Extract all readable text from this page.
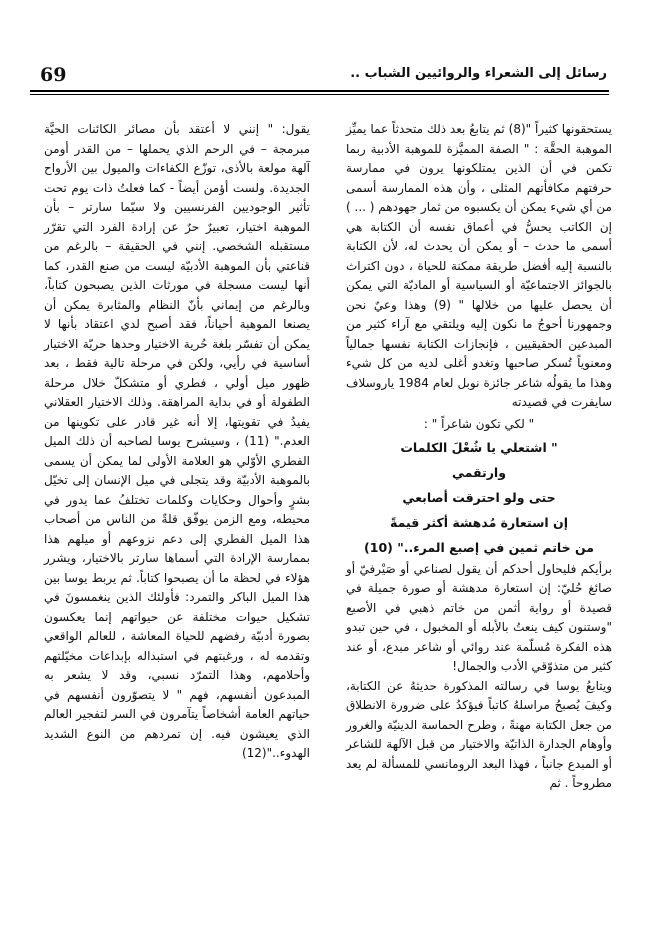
69	رسائل إلى الشعراء والروائيين الشباب ..

يستحقونها كثيراً "(8) ثم يتابعُ بعد ذلك متحدثاً عما يميِّز الموهبة الحقَّة : " الصفة المميَّزة للموهبة الأدبية ربما تكمن في أن الذين يمتلكونها يرون في ممارسة حرفتهم مكافأتهم المثلى ، وأن هذه الممارسة أسمى من أي شيء يمكن أن يكسبوه من ثمار جهودهم ( ... ) إن الكاتب يحسُّ في أعماق نفسه أن الكتابة هي أسمى ما حدث – أو يمكن أن يحدث له، لأن الكتابة بالنسبة إليه أفضل طريقة ممكنة للحياة ، دون اكتراث بالجوائز الاجتماعيّة أو السياسية أو الماديّة التي يمكن أن يحصل عليها من خلالها " (9) وهذا وعيٌ نحن وجمهورنا أحوجُ ما نكون إليه ويلتقي مع آراء كثير من المبدعين الحقيقيين ، فإنجازات الكتابة نفسها جمالياً ومعنوياً تُسكر صاحبها وتغدو أغلى لديه من كل شيء وهذا ما يقولُه شاعر جائزة نوبل لعام 1984 ياروسلاف سايفرت في قصيدته

" لكي تكون شاعراً " :
" اشتعلي يا شُعْلَ الكلمات
وارتقمي
حتى ولو احترقت أصابعي
إن استعارة مُدهشة أكثر قيمةً
من خاتم ثمين في إصبع المرء.." (10)

برأيكم فليحاول أحدكم أن يقول لصناعي أو صَيْرفيّ أو صائغ حُليّ: إن استعارة مدهشة أو صورة جميلة في قصيدة أو رواية أثمن من خاتم ذهبي في الأصبع "وستنون كيف ينعتُ بالأبله أو المخبول ، في حين تبدو هذه الفكرة مُسلّمة عند روائي أو شاعر مبدع، أو عند كثير من متذوّقي الأدب والجمال!

ويتابعُ يوسا في رسالته المذكورة حديثهُ عن الكتابة، وكيفَ يُصبحُ مراسلهُ كاتباً فيؤكدُ على ضرورة الانطلاق من جعل الكتابة مهنةً ، وطرح الحماسة الدينيّة والغرور وأوهام الجدارة الذاتيّة والاختيار من قبل الآلهة للشاعر أو المبدع جانباً ، فهذا البعد الرومانسي للمسألة لم يعد مطروحاً . ثم

يقول: " إنني لا أعتقد بأن مصائر الكائنات الحيَّة مبرمجة – في الرحم الذي يحملها – من القدر أومن آلهة مولعة بالأذى، توزّع الكفاءات والميول بين الأرواح الجديدة. ولست أؤمن أيضاً - كما فعلتُ ذات يوم تحت تأثير الوجوديين الفرنسيين ولا سيّما سارتر – بأن الموهبة اختيار، تعبيرٌ حرٌ عن إرادة الفرد التي تقرّر مستقبله الشخصي. إنني في الحقيقة – بالرغم من قناعتي بأن الموهبة الأدبيّة ليست من صنع القدر، كما أنها ليست مسجلة في مورثات الذين يصبحون كتاباً، وبالرغم من إيماني بأنّ النظام والمثابرة يمكن أن يصنعا الموهبة أحياناً، فقد أصبح لدي اعتقاد بأنها لا يمكن أن تفسّر بلغة حُرية الاختيار وحدها حريّة الاختيار أساسية في رأيي، ولكن في مرحلة تالية فقط ، بعد ظهور ميل أولي ، فطري أو متشكلّ خلال مرحلة الطفولة أو في بداية المراهقة. وذلك الاختيار العقلاني يفيدُ في تقويتها، إلا أنه غير قادر على تكوينها من العدم." (11) ، وسيشرح يوسا لصاحبه أن ذلك الميل الفطري الأوّلي هو العلامة الأولى لما يمكن أن يسمى بالموهبة الأدبيّة وقد يتجلى في ميل الإنسان إلى تخيّل بشرٍ وأحوال وحكايات وكلمات تختلفُ عما يدور في محيطه، ومع الزمن يوفّق قلةٌ من الناس من أصحاب هذا الميل الفطري إلى دعم نزوعهم أو ميلهم هذا بممارسة الإرادة التي أسماها سارتر بالاختيار، ويشرر هؤلاء في لحظة ما أن يصبحوا كتاباً. ثم يربط يوسا بين هذا الميل الباكر والتمرد: فأولئك الذين ينغمسونَ في تشكيل حيوات مختلفة عن حيواتهم إنما يعكسون بصورة أدبيّة رفضهم للحياة المعاشة ، للعالم الواقعي وتقدمه له ، ورغبتهم في استبداله بإبداعات مخيّلتهم وأحلامهم، وهذا التمرّد نسبي، وقد لا يشعر به المبدعون أنفسهم، فهم " لا يتصوّرون أنفسهم في حياتهم العامة أشخاصاً يتآمرون في السر لتفجير العالم الذي يعيشون فيه. إن تمردهم من النوع الشديد الهدوء.."(12)
